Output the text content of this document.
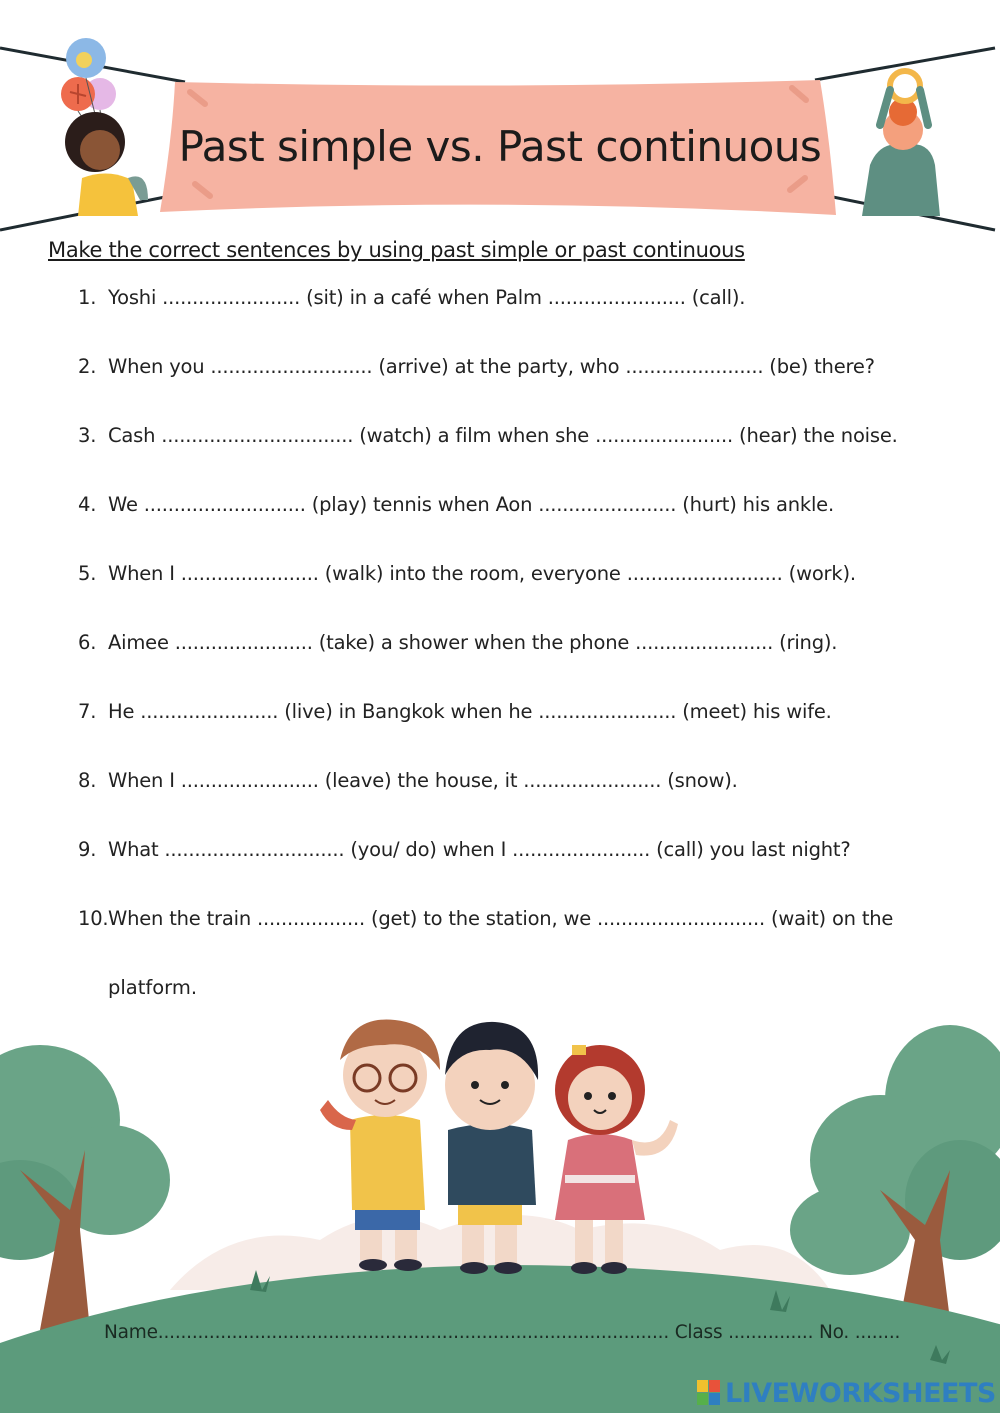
Past simple vs. Past continuous
Make the correct sentences by using past simple or past continuous
1. Yoshi ....................... (sit) in a café when Palm ....................... (call).
2. When you ........................... (arrive) at the party, who ....................... (be) there?
3. Cash ................................ (watch) a film when she ....................... (hear) the noise.
4. We ........................... (play) tennis when Aon ....................... (hurt) his ankle.
5. When I ....................... (walk) into the room, everyone .......................... (work).
6. Aimee ....................... (take) a shower when the phone ....................... (ring).
7. He ....................... (live) in Bangkok when he ....................... (meet) his wife.
8. When I ....................... (leave) the house, it ....................... (snow).
9. What .............................. (you/ do) when I ....................... (call) you last night?
10.When the train .................. (get) to the station, we ............................ (wait) on the
platform.
Name.......................................................................................... Class ............... No. ........
LIVEWORKSHEETS
